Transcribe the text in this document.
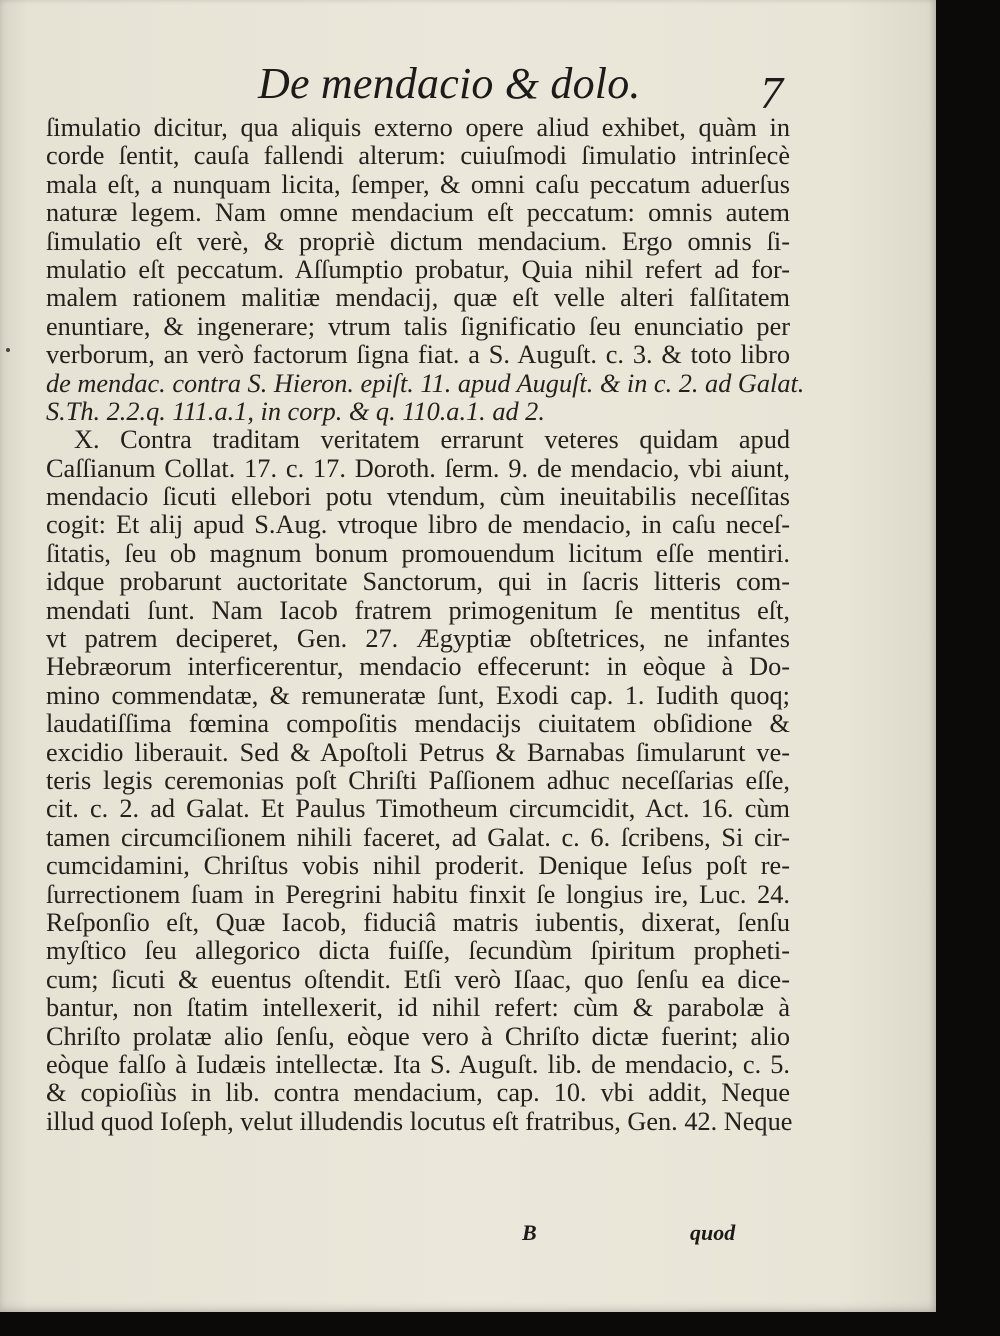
De mendacio & dolo.	7
ſimulatio dicitur, qua aliquis externo opere aliud exhibet, quàm in
corde ſentit, cauſa fallendi alterum: cuiuſmodi ſimulatio intrinſecè
mala eſt, a nunquam licita, ſemper, & omni caſu peccatum aduerſus
naturæ legem. Nam omne mendacium eſt peccatum: omnis autem
ſimulatio eſt verè, & propriè dictum mendacium. Ergo omnis ſi-
mulatio eſt peccatum. Aſſumptio probatur, Quia nihil refert ad for-
malem rationem malitiæ mendacij, quæ eſt velle alteri falſitatem
enuntiare, & ingenerare; vtrum talis ſignificatio ſeu enunciatio per
verborum, an verò factorum ſigna fiat. a S. Auguſt. c. 3. & toto libro
de mendac. contra S. Hieron. epiſt. 11. apud Auguſt. & in c. 2. ad Galat.
S.Th. 2.2.q. 111.a.1, in corp. & q. 110.a.1. ad 2.
X. Contra traditam veritatem errarunt veteres quidam apud
Caſſianum Collat. 17. c. 17. Doroth. ſerm. 9. de mendacio, vbi aiunt,
mendacio ſicuti ellebori potu vtendum, cùm ineuitabilis neceſſitas
cogit: Et alij apud S.Aug. vtroque libro de mendacio, in caſu neceſ-
ſitatis, ſeu ob magnum bonum promouendum licitum eſſe mentiri.
idque probarunt auctoritate Sanctorum, qui in ſacris litteris com-
mendati ſunt. Nam Iacob fratrem primogenitum ſe mentitus eſt,
vt patrem deciperet, Gen. 27. Ægyptiæ obſtetrices, ne infantes
Hebræorum interficerentur, mendacio effecerunt: in eòque à Do-
mino commendatæ, & remuneratæ ſunt, Exodi cap. 1. Iudith quoq;
laudatiſſima fœmina compoſitis mendacijs ciuitatem obſidione &
excidio liberauit. Sed & Apoſtoli Petrus & Barnabas ſimularunt ve-
teris legis ceremonias poſt Chriſti Paſſionem adhuc neceſſarias eſſe,
cit. c. 2. ad Galat. Et Paulus Timotheum circumcidit, Act. 16. cùm
tamen circumciſionem nihili faceret, ad Galat. c. 6. ſcribens, Si cir-
cumcidamini, Chriſtus vobis nihil proderit. Denique Ieſus poſt re-
ſurrectionem ſuam in Peregrini habitu finxit ſe longius ire, Luc. 24.
Reſponſio eſt, Quæ Iacob, fiduciâ matris iubentis, dixerat, ſenſu
myſtico ſeu allegorico dicta fuiſſe, ſecundùm ſpiritum propheti-
cum; ſicuti & euentus oſtendit. Etſi verò Iſaac, quo ſenſu ea dice-
bantur, non ſtatim intellexerit, id nihil refert: cùm & parabolæ à
Chriſto prolatæ alio ſenſu, eòque vero à Chriſto dictæ fuerint; alio
eòque falſo à Iudæis intellectæ. Ita S. Auguſt. lib. de mendacio, c. 5.
& copioſiùs in lib. contra mendacium, cap. 10. vbi addit, Neque
illud quod Ioſeph, velut illudendis locutus eſt fratribus, Gen. 42. Neque
B	quod
